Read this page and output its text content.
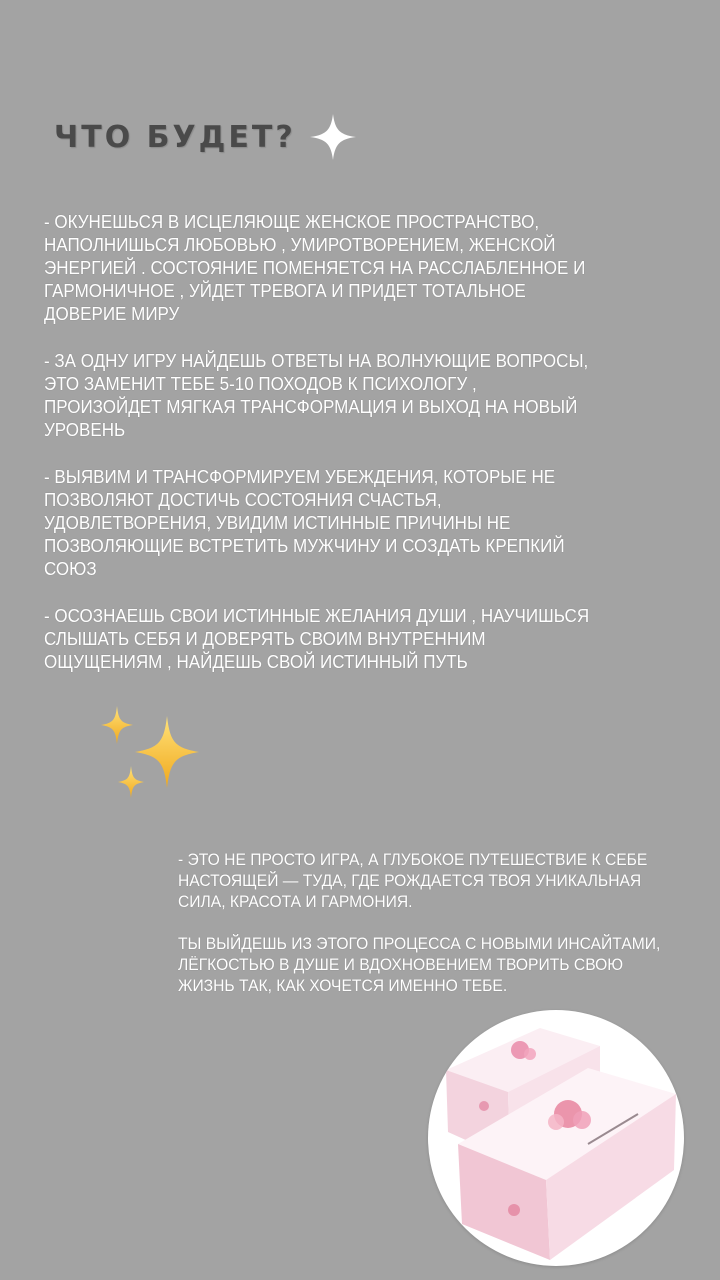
ЧТО БУДЕТ?

- ОКУНЕШЬСЯ В ИСЦЕЛЯЮЩЕ ЖЕНСКОЕ ПРОСТРАНСТВО, НАПОЛНИШЬСЯ ЛЮБОВЬЮ , УМИРОТВОРЕНИЕМ, ЖЕНСКОЙ ЭНЕРГИЕЙ . СОСТОЯНИЕ ПОМЕНЯЕТСЯ НА РАССЛАБЛЕННОЕ И ГАРМОНИЧНОЕ , УЙДЕТ ТРЕВОГА И ПРИДЕТ ТОТАЛЬНОЕ ДОВЕРИЕ МИРУ

- ЗА ОДНУ ИГРУ НАЙДЕШЬ ОТВЕТЫ НА ВОЛНУЮЩИЕ ВОПРОСЫ, ЭТО ЗАМЕНИТ ТЕБЕ 5-10 ПОХОДОВ К ПСИХОЛОГУ , ПРОИЗОЙДЕТ МЯГКАЯ ТРАНСФОРМАЦИЯ И ВЫХОД НА НОВЫЙ УРОВЕНЬ

- ВЫЯВИМ И ТРАНСФОРМИРУЕМ УБЕЖДЕНИЯ, КОТОРЫЕ НЕ ПОЗВОЛЯЮТ ДОСТИЧЬ СОСТОЯНИЯ СЧАСТЬЯ, УДОВЛЕТВОРЕНИЯ, УВИДИМ ИСТИННЫЕ ПРИЧИНЫ НЕ ПОЗВОЛЯЮЩИЕ ВСТРЕТИТЬ МУЖЧИНУ И СОЗДАТЬ КРЕПКИЙ СОЮЗ

- ОСОЗНАЕШЬ СВОИ ИСТИННЫЕ ЖЕЛАНИЯ ДУШИ , НАУЧИШЬСЯ СЛЫШАТЬ СЕБЯ И ДОВЕРЯТЬ СВОИМ ВНУТРЕННИМ ОЩУЩЕНИЯМ , НАЙДЕШЬ СВОЙ ИСТИННЫЙ ПУТЬ

- ЭТО НЕ ПРОСТО ИГРА, А ГЛУБОКОЕ ПУТЕШЕСТВИЕ К СЕБЕ НАСТОЯЩЕЙ — ТУДА, ГДЕ РОЖДАЕТСЯ ТВОЯ УНИКАЛЬНАЯ СИЛА, КРАСОТА И ГАРМОНИЯ.

ТЫ ВЫЙДЕШЬ ИЗ ЭТОГО ПРОЦЕССА С НОВЫМИ ИНСАЙТАМИ, ЛЁГКОСТЬЮ В ДУШЕ И ВДОХНОВЕНИЕМ ТВОРИТЬ СВОЮ ЖИЗНЬ ТАК, КАК ХОЧЕТСЯ ИМЕННО ТЕБЕ.
